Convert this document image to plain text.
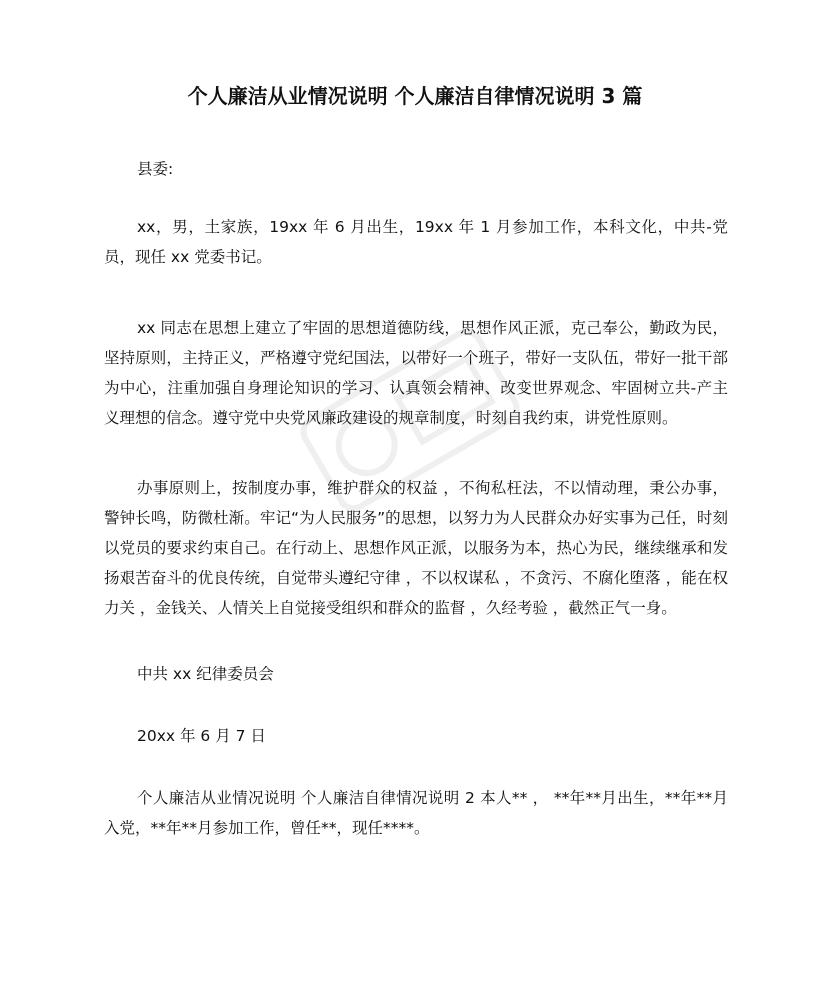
个人廉洁从业情况说明 个人廉洁自律情况说明 3 篇

县委:

xx，男，土家族，19xx 年 6 月出生，19xx 年 1 月参加工作，本科文化，中共-党员，现任 xx 党委书记。

xx 同志在思想上建立了牢固的思想道德防线，思想作风正派，克己奉公，勤政为民，坚持原则，主持正义，严格遵守党纪国法，以带好一个班子，带好一支队伍，带好一批干部为中心，注重加强自身理论知识的学习、认真领会精神、改变世界观念、牢固树立共-产主义理想的信念。遵守党中央党风廉政建设的规章制度，时刻自我约束，讲党性原则。

办事原则上，按制度办事，维护群众的权益 ，不徇私枉法，不以情动理，秉公办事，警钟长鸣，防微杜渐。牢记“为人民服务”的思想，以努力为人民群众办好实事为己任，时刻以党员的要求约束自己。在行动上、思想作风正派，以服务为本，热心为民，继续继承和发扬艰苦奋斗的优良传统，自觉带头遵纪守律 ，不以权谋私 ，不贪污、不腐化堕落 ，能在权力关 ，金钱关、人情关上自觉接受组织和群众的监督 ，久经考验 ，截然正气一身。

中共 xx 纪律委员会

20xx 年 6 月 7 日

个人廉洁从业情况说明 个人廉洁自律情况说明 2 本人** ， **年**月出生，**年**月入党，**年**月参加工作，曾任**，现任****。
